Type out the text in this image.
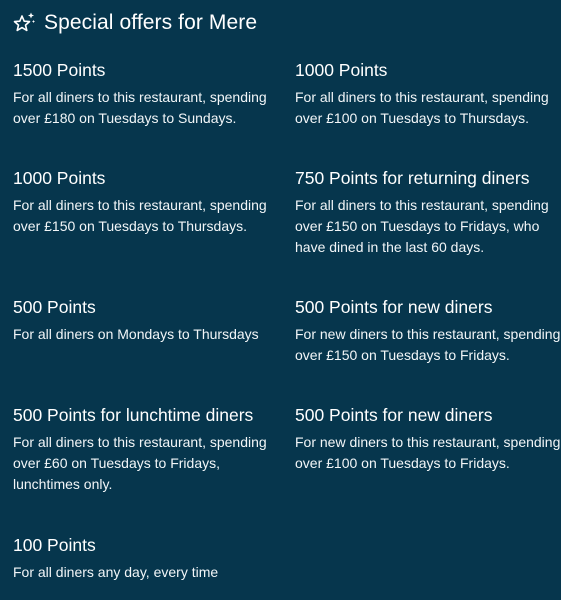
Special offers for Mere
1500 Points
For all diners to this restaurant, spending over £180 on Tuesdays to Sundays.
1000 Points
For all diners to this restaurant, spending over £100 on Tuesdays to Thursdays.
1000 Points
For all diners to this restaurant, spending over £150 on Tuesdays to Thursdays.
750 Points for returning diners
For all diners to this restaurant, spending over £150 on Tuesdays to Fridays, who have dined in the last 60 days.
500 Points
For all diners on Mondays to Thursdays
500 Points for new diners
For new diners to this restaurant, spending over £150 on Tuesdays to Fridays.
500 Points for lunchtime diners
For all diners to this restaurant, spending over £60 on Tuesdays to Fridays, lunchtimes only.
500 Points for new diners
For new diners to this restaurant, spending over £100 on Tuesdays to Fridays.
100 Points
For all diners any day, every time
